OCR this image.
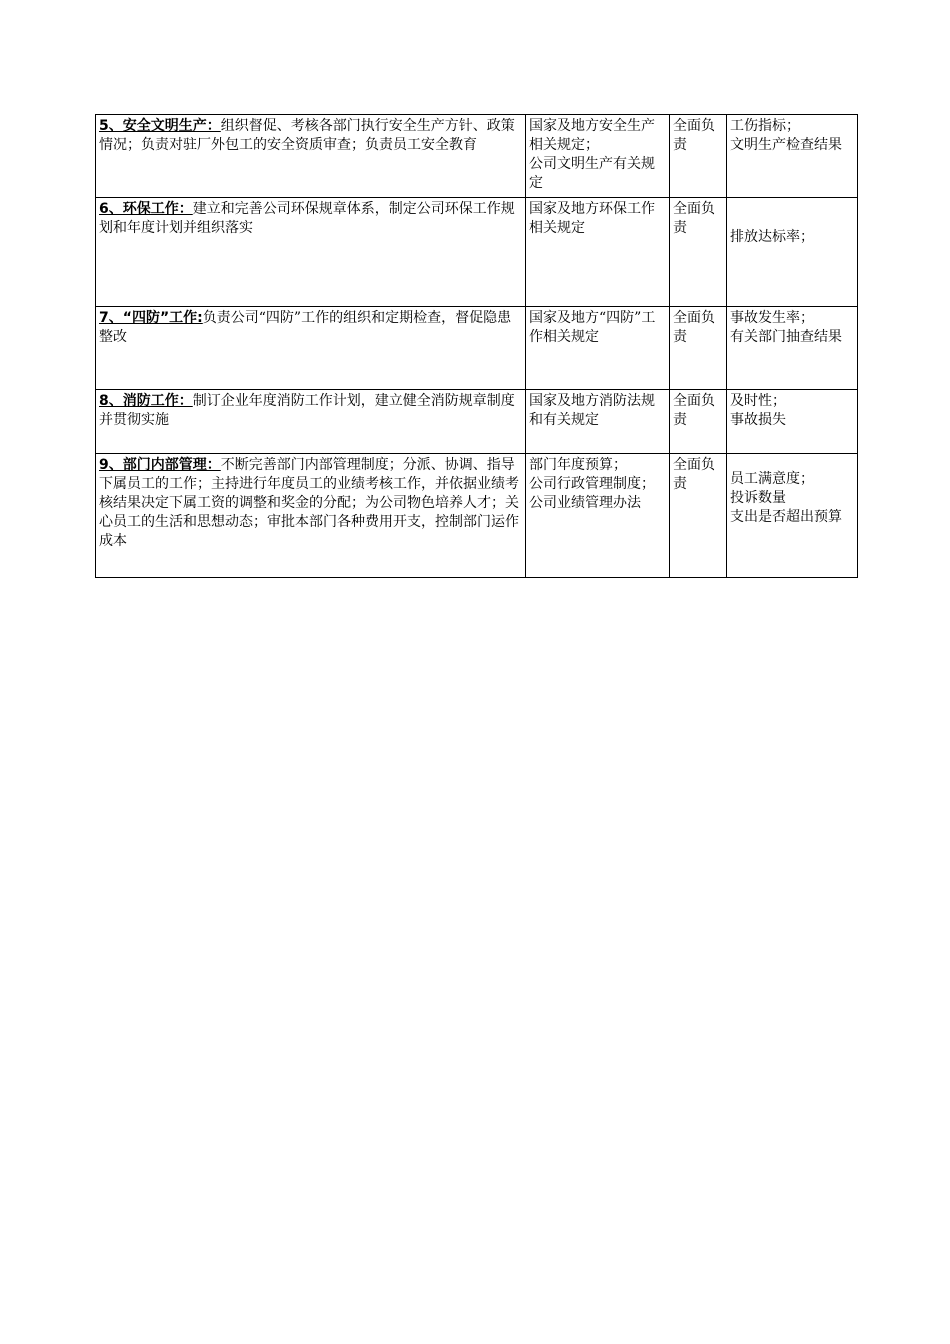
5、安全文明生产：组织督促、考核各部门执行安全生产方针、政策情况；负责对驻厂外包工的安全资质审查；负责员工安全教育	国家及地方安全生产相关规定；
公司文明生产有关规定	全面负责	工伤指标；
文明生产检查结果

6、环保工作：建立和完善公司环保规章体系，制定公司环保工作规划和年度计划并组织落实	国家及地方环保工作相关规定	全面负责	排放达标率；

7、“四防”工作:负责公司“四防”工作的组织和定期检查，督促隐患整改	国家及地方“四防”工作相关规定	全面负责	事故发生率；
有关部门抽查结果

8、消防工作：制订企业年度消防工作计划，建立健全消防规章制度并贯彻实施	国家及地方消防法规和有关规定	全面负责	及时性；
事故损失

9、部门内部管理：不断完善部门内部管理制度；分派、协调、指导下属员工的工作；主持进行年度员工的业绩考核工作，并依据业绩考核结果决定下属工资的调整和奖金的分配；为公司物色培养人才；关心员工的生活和思想动态；审批本部门各种费用开支，控制部门运作成本	部门年度预算；
公司行政管理制度；
公司业绩管理办法	全面负责	员工满意度；
投诉数量
支出是否超出预算
